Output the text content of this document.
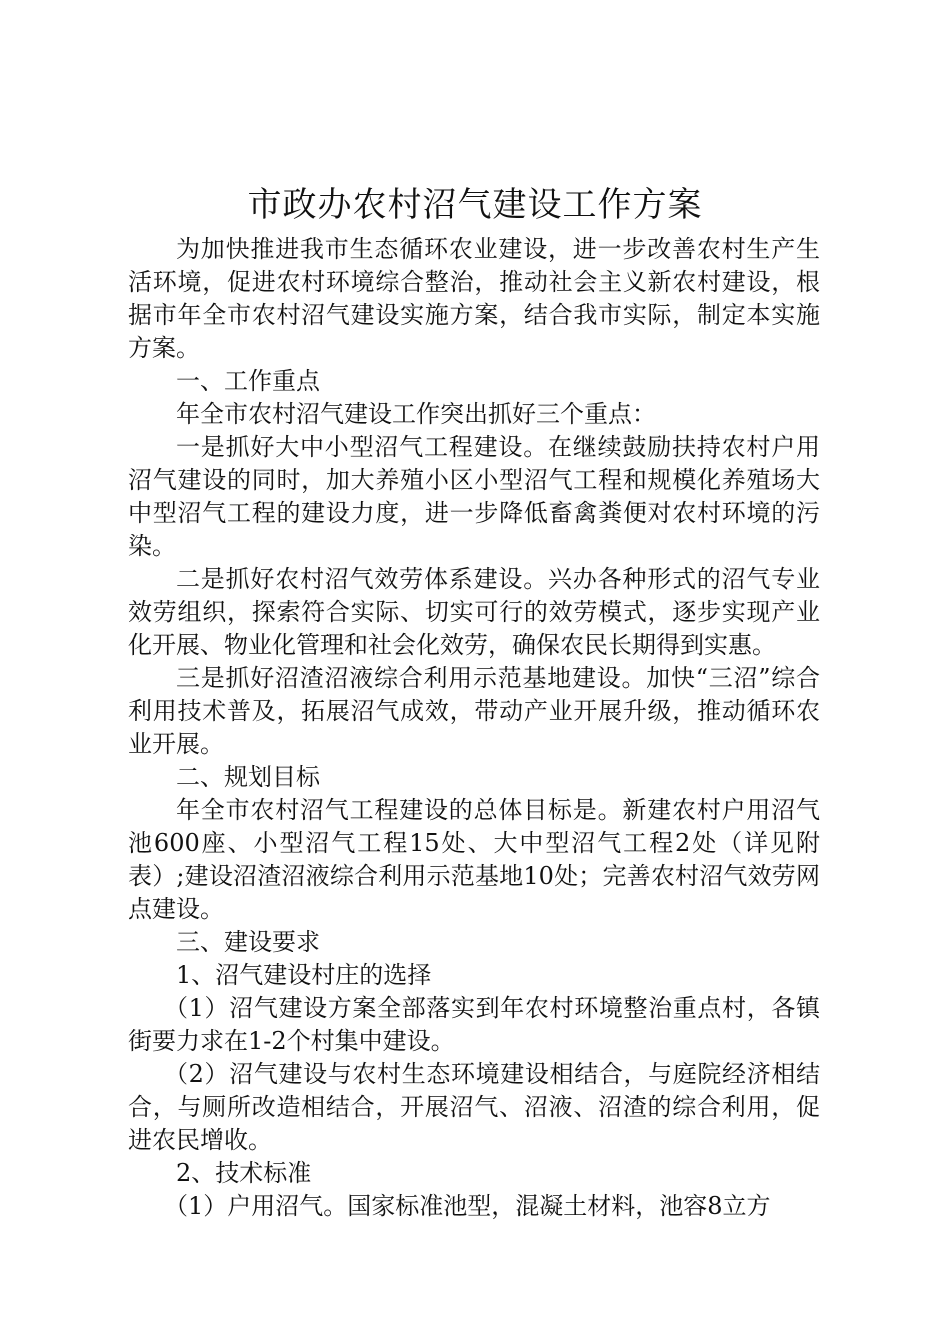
市政办农村沼气建设工作方案

为加快推进我市生态循环农业建设，进一步改善农村生产生活环境，促进农村环境综合整治，推动社会主义新农村建设，根据市年全市农村沼气建设实施方案，结合我市实际，制定本实施方案。

一、工作重点

年全市农村沼气建设工作突出抓好三个重点：

一是抓好大中小型沼气工程建设。在继续鼓励扶持农村户用沼气建设的同时，加大养殖小区小型沼气工程和规模化养殖场大中型沼气工程的建设力度，进一步降低畜禽粪便对农村环境的污染。

二是抓好农村沼气效劳体系建设。兴办各种形式的沼气专业效劳组织，探索符合实际、切实可行的效劳模式，逐步实现产业化开展、物业化管理和社会化效劳，确保农民长期得到实惠。

三是抓好沼渣沼液综合利用示范基地建设。加快“三沼”综合利用技术普及，拓展沼气成效，带动产业开展升级，推动循环农业开展。

二、规划目标

年全市农村沼气工程建设的总体目标是。新建农村户用沼气池600座、小型沼气工程15处、大中型沼气工程2处（详见附表）;建设沼渣沼液综合利用示范基地10处；完善农村沼气效劳网点建设。

三、建设要求

1、沼气建设村庄的选择

（1）沼气建设方案全部落实到年农村环境整治重点村，各镇街要力求在1-2个村集中建设。

（2）沼气建设与农村生态环境建设相结合，与庭院经济相结合，与厕所改造相结合，开展沼气、沼液、沼渣的综合利用，促进农民增收。

2、技术标准

（1）户用沼气。国家标准池型，混凝土材料，池容8立方
